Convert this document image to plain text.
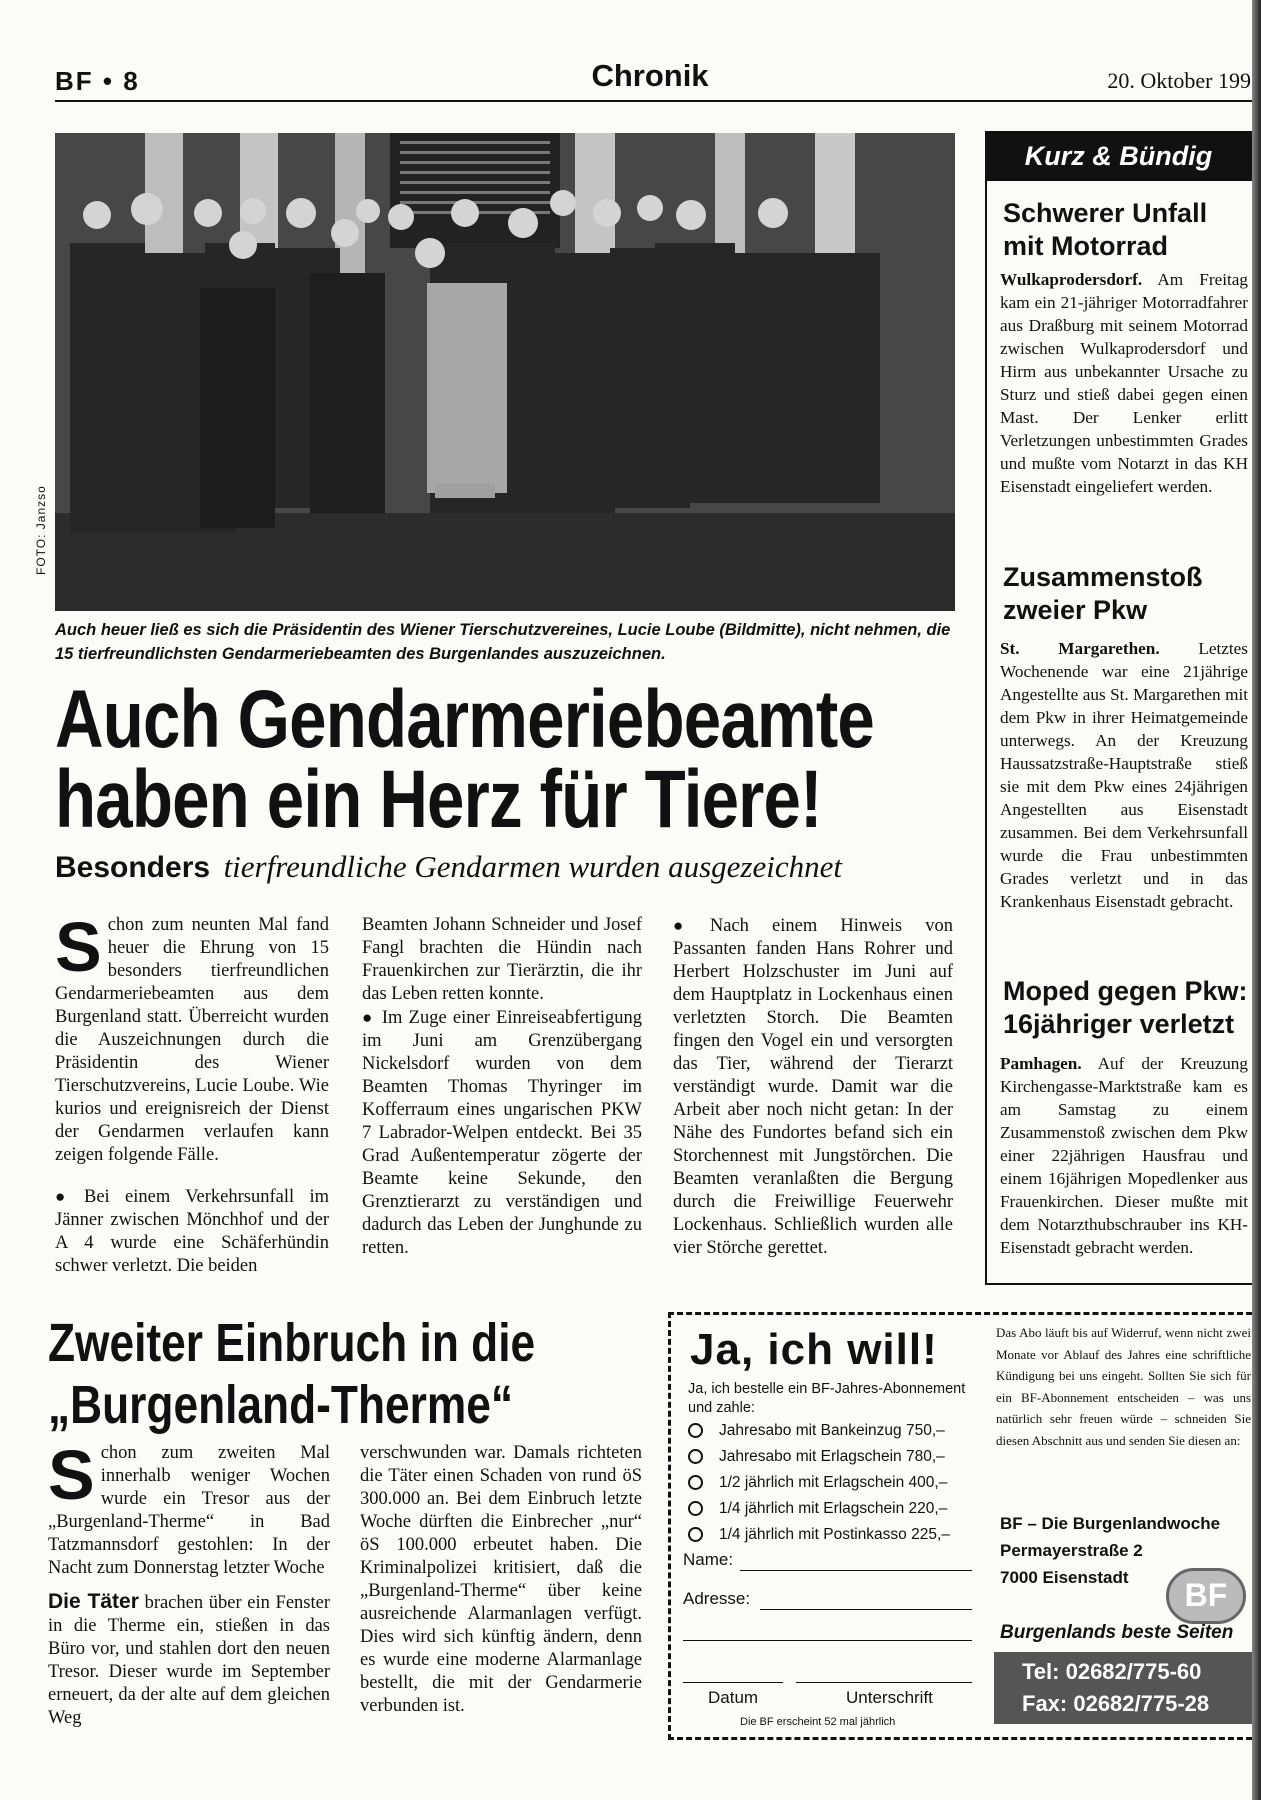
BF • 8	Chronik	20. Oktober 199
FOTO: Janzso
Auch heuer ließ es sich die Präsidentin des Wiener Tierschutzvereines, Lucie Loube (Bildmitte), nicht nehmen, die 15 tierfreundlichsten Gendarmeriebeamten des Burgenlandes auszuzeichnen.
Auch Gendarmeriebeamte
haben ein Herz für Tiere!
Besonders tierfreundliche Gendarmen wurden ausgezeichnet
S chon zum neunten Mal fand heuer die Ehrung von 15 besonders tierfreundlichen Gendarmeriebeamten aus dem Burgenland statt. Überreicht wurden die Auszeichnungen durch die Präsidentin des Wiener Tierschutzvereins, Lucie Loube. Wie kurios und ereignisreich der Dienst der Gendarmen verlaufen kann zeigen folgende Fälle.

● Bei einem Verkehrsunfall im Jänner zwischen Mönchhof und der A 4 wurde eine Schäferhündin schwer verletzt. Die beiden

Beamten Johann Schneider und Josef Fangl brachten die Hündin nach Frauenkirchen zur Tierärztin, die ihr das Leben retten konnte.

● Im Zuge einer Einreiseabfertigung im Juni am Grenzübergang Nickelsdorf wurden von dem Beamten Thomas Thyringer im Kofferraum eines ungarischen PKW 7 Labrador-Welpen entdeckt. Bei 35 Grad Außentemperatur zögerte der Beamte keine Sekunde, den Grenztierarzt zu verständigen und dadurch das Leben der Junghunde zu retten.

● Nach einem Hinweis von Passanten fanden Hans Rohrer und Herbert Holzschuster im Juni auf dem Hauptplatz in Lockenhaus einen verletzten Storch. Die Beamten fingen den Vogel ein und versorgten das Tier, während der Tierarzt verständigt wurde. Damit war die Arbeit aber noch nicht getan: In der Nähe des Fundortes befand sich ein Storchennest mit Jungstörchen. Die Beamten veranlaßten die Bergung durch die Freiwillige Feuerwehr Lockenhaus. Schließlich wurden alle vier Störche gerettet.

Kurz & Bündig
Schwerer Unfall
mit Motorrad
Wulkaprodersdorf. Am Freitag kam ein 21-jähriger Motorradfahrer aus Draßburg mit seinem Motorrad zwischen Wulkaprodersdorf und Hirm aus unbekannter Ursache zu Sturz und stieß dabei gegen einen Mast. Der Lenker erlitt Verletzungen unbestimmten Grades und mußte vom Notarzt in das KH Eisenstadt eingeliefert werden.
Zusammenstoß
zweier Pkw
St. Margarethen. Letztes Wochenende war eine 21jährige Angestellte aus St. Margarethen mit dem Pkw in ihrer Heimatgemeinde unterwegs. An der Kreuzung Haussatzstraße-Hauptstraße stieß sie mit dem Pkw eines 24jährigen Angestellten aus Eisenstadt zusammen. Bei dem Verkehrsunfall wurde die Frau unbestimmten Grades verletzt und in das Krankenhaus Eisenstadt gebracht.
Moped gegen Pkw:
16jähriger verletzt
Pamhagen. Auf der Kreuzung Kirchengasse-Marktstraße kam es am Samstag zu einem Zusammenstoß zwischen dem Pkw einer 22jährigen Hausfrau und einem 16jährigen Mopedlenker aus Frauenkirchen. Dieser mußte mit dem Notarzthubschrauber ins KH-Eisenstadt gebracht werden.
Zweiter Einbruch in die
„Burgenland-Therme“
S chon zum zweiten Mal innerhalb weniger Wochen wurde ein Tresor aus der „Burgenland-Therme“ in Bad Tatzmannsdorf gestohlen: In der Nacht zum Donnerstag letzter Woche

Die Täter brachen über ein Fenster in die Therme ein, stießen in das Büro vor, und stahlen dort den neuen Tresor. Dieser wurde im September erneuert, da der alte auf dem gleichen Weg

verschwunden war. Damals richteten die Täter einen Schaden von rund öS 300.000 an. Bei dem Einbruch letzte Woche dürften die Einbrecher „nur“ öS 100.000 erbeutet haben. Die Kriminalpolizei kritisiert, daß die „Burgenland-Therme“ über keine ausreichende Alarmanlagen verfügt. Dies wird sich künftig ändern, denn es wurde eine moderne Alarmanlage bestellt, die mit der Gendarmerie verbunden ist.

Ja, ich will!
Ja, ich bestelle ein BF-Jahres-Abonnement und zahle:
Jahresabo mit Bankeinzug 750,–
Jahresabo mit Erlagschein 780,–
1/2 jährlich mit Erlagschein 400,–
1/4 jährlich mit Erlagschein 220,–
1/4 jährlich mit Postinkasso 225,–
Name:
Adresse:
Datum	Unterschrift
Die BF erscheint 52 mal jährlich
Das Abo läuft bis auf Widerruf, wenn nicht zwei Monate vor Ablauf des Jahres eine schriftliche Kündigung bei uns eingeht. Sollten Sie sich für ein BF-Abonnement entscheiden – was uns natürlich sehr freuen würde – schneiden Sie diesen Abschnitt aus und senden Sie diesen an:
BF – Die Burgenlandwoche
Permayerstraße 2
7000 Eisenstadt	BF
Burgenlands beste Seiten
Tel: 02682/775-60
Fax: 02682/775-28
